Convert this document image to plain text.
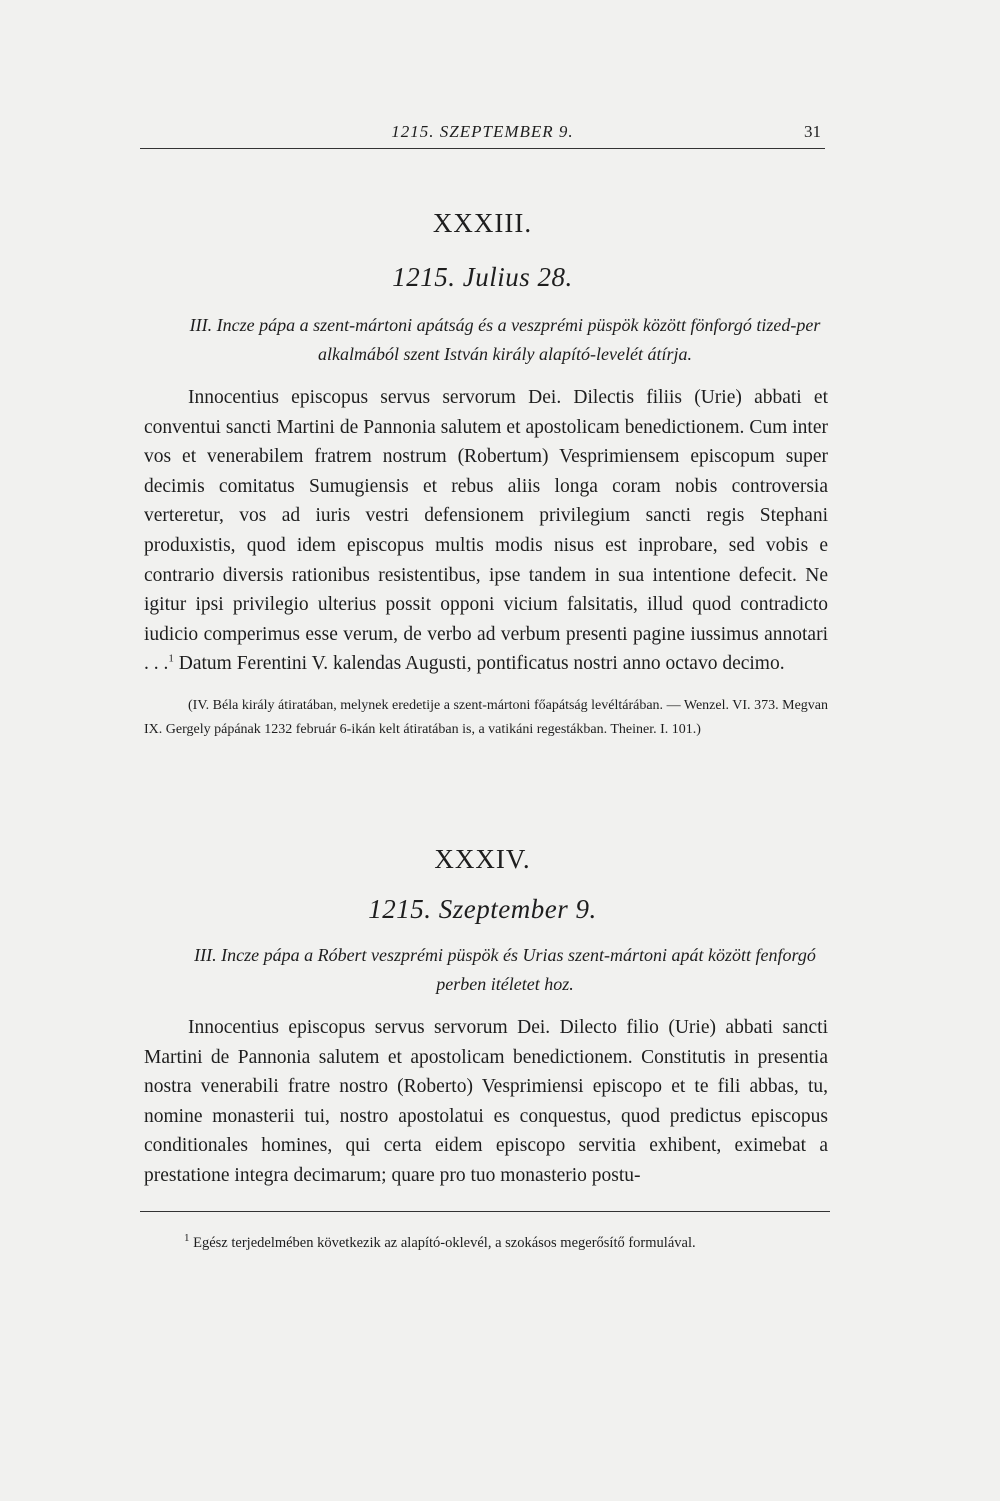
1215. SZEPTEMBER 9.	31
XXXIII.
1215. Julius 28.
III. Incze pápa a szent-mártoni apátság és a veszprémi püspök között fönforgó tized-per alkalmából szent István király alapító-levelét átírja.
Innocentius episcopus servus servorum Dei. Dilectis filiis (Urie) abbati et conventui sancti Martini de Pannonia salutem et apostolicam benedictionem. Cum inter vos et venerabilem fratrem nostrum (Robertum) Vesprimiensem episcopum super decimis comitatus Sumugiensis et rebus aliis longa coram nobis controversia verteretur, vos ad iuris vestri defensionem privilegium sancti regis Stephani produxistis, quod idem episcopus multis modis nisus est inprobare, sed vobis e contrario diversis rationibus resistentibus, ipse tandem in sua intentione defecit. Ne igitur ipsi privilegio ulterius possit opponi vicium falsitatis, illud quod contradicto iudicio comperimus esse verum, de verbo ad verbum presenti pagine iussimus annotari . . .$^1$ Datum Ferentini V. kalendas Augusti, pontificatus nostri anno octavo decimo.
(IV. Béla király átiratában, melynek eredetije a szent-mártoni főapátság levéltárában. — Wenzel. VI. 373. Megvan IX. Gergely pápának 1232 február 6-ikán kelt átiratában is, a vatikáni regestákban. Theiner. I. 101.)
XXXIV.
1215. Szeptember 9.
III. Incze pápa a Róbert veszprémi püspök és Urias szent-mártoni apát között fenforgó perben itéletet hoz.
Innocentius episcopus servus servorum Dei. Dilecto filio (Urie) abbati sancti Martini de Pannonia salutem et apostolicam benedictionem. Constitutis in presentia nostra venerabili fratre nostro (Roberto) Vesprimiensi episcopo et te fili abbas, tu, nomine monasterii tui, nostro apostolatui es conquestus, quod predictus episcopus conditionales homines, qui certa eidem episcopo servitia exhibent, eximebat a prestatione integra decimarum; quare pro tuo monasterio postu-
$^1$ Egész terjedelmében következik az alapító-oklevél, a szokásos megerősítő formulával.
